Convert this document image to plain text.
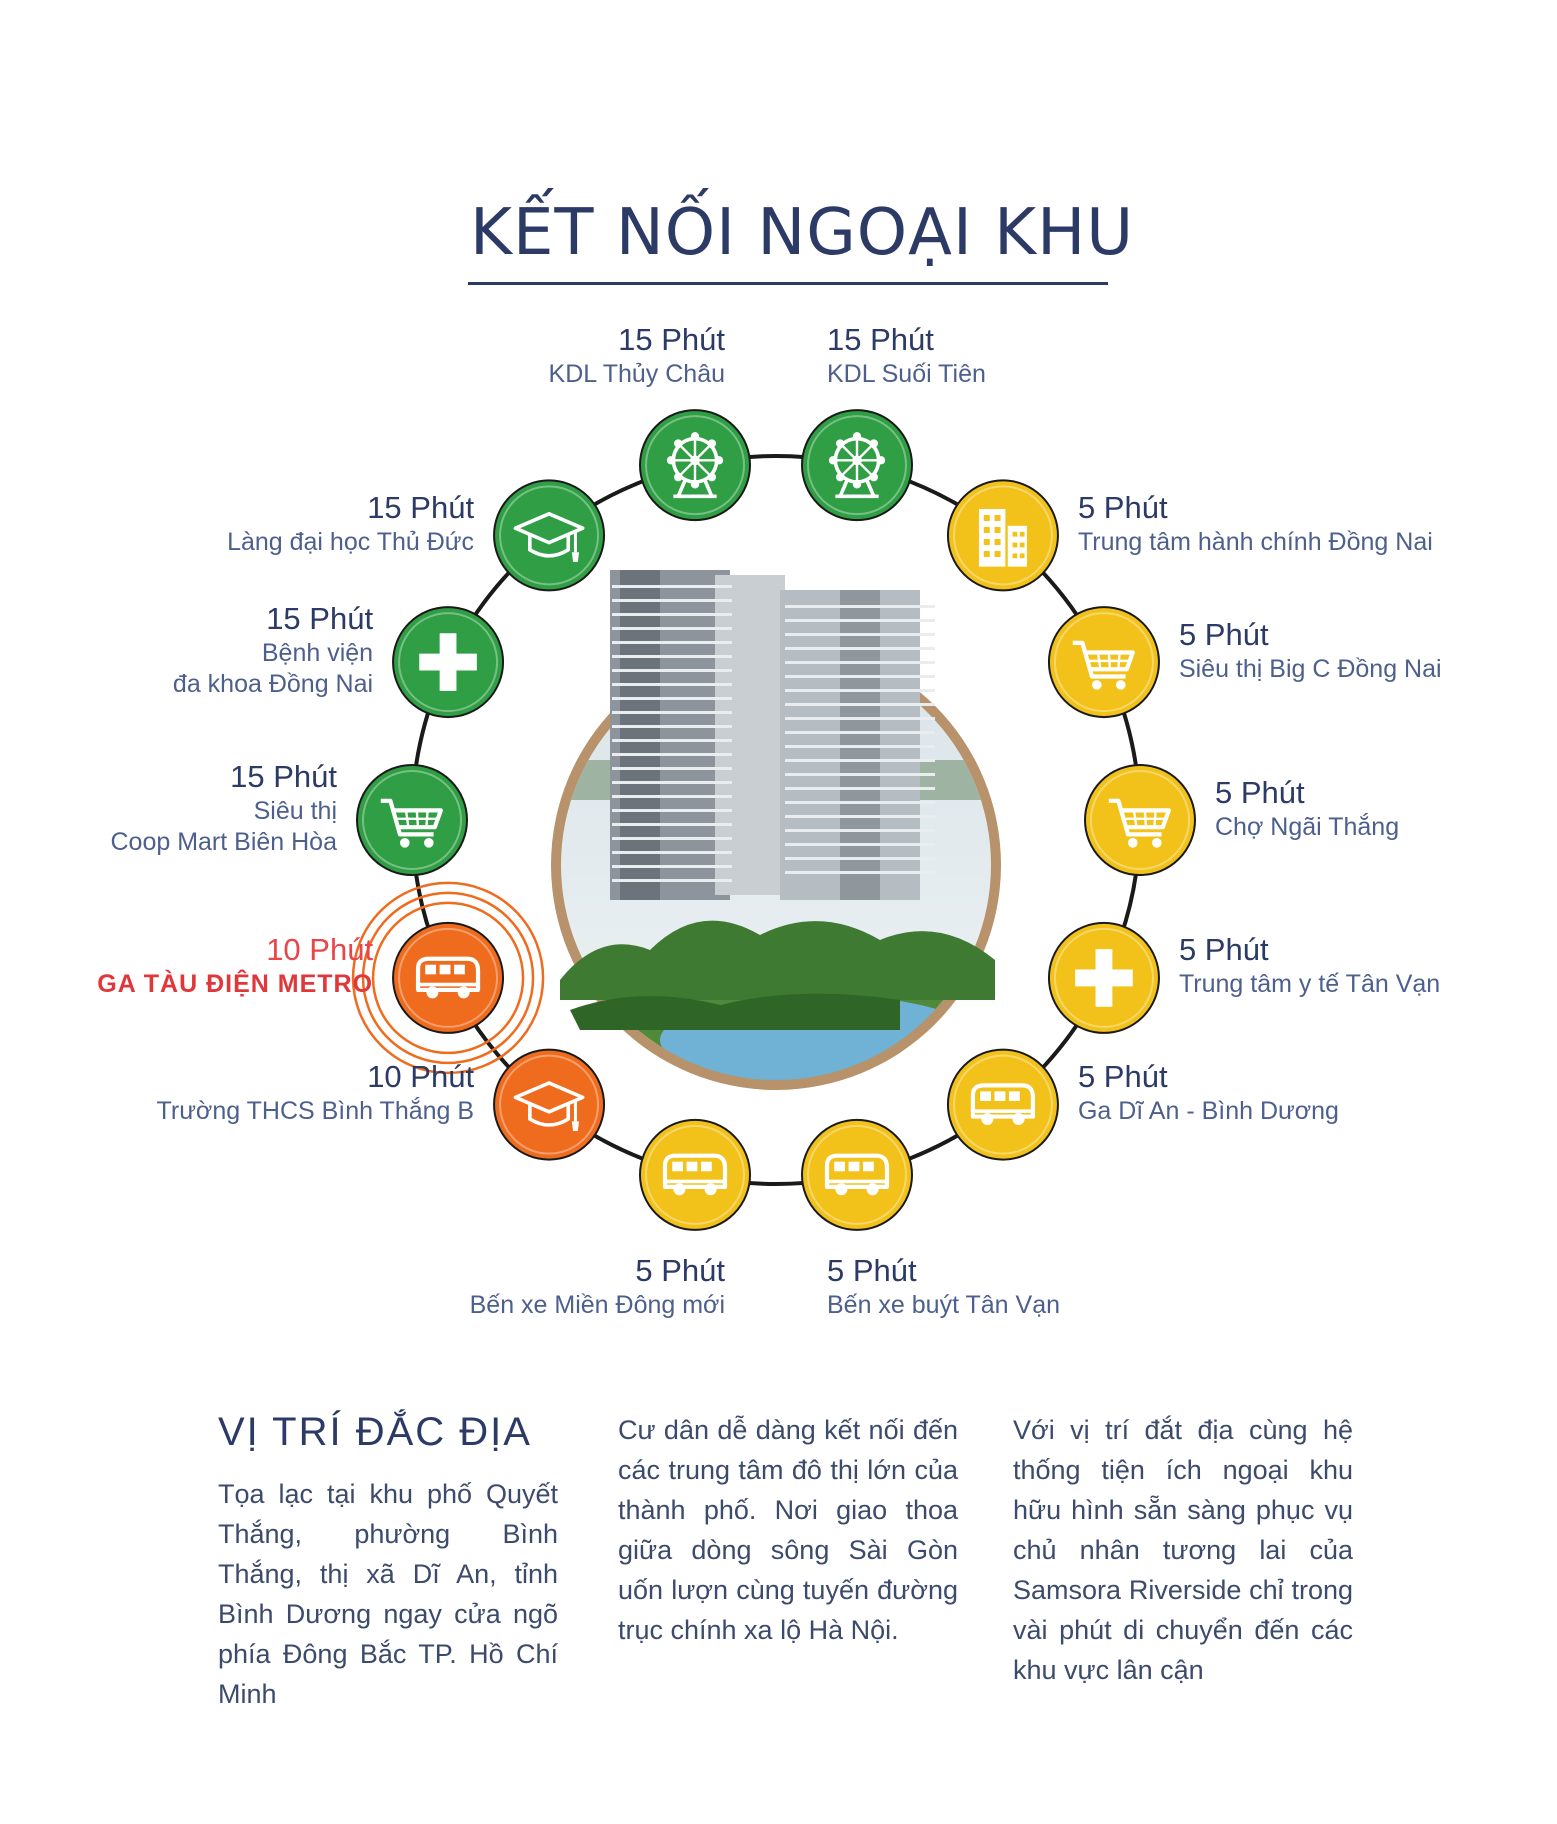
KẾT NỐI NGOẠI KHU
15 Phút
KDL Suối Tiên
5 Phút
Trung tâm hành chính Đồng Nai
5 Phút
Siêu thị Big C Đồng Nai
5 Phút
Chợ Ngãi Thắng
5 Phút
Trung tâm y tế Tân Vạn
5 Phút
Ga Dĩ An - Bình Dương
5 Phút
Bến xe buýt Tân Vạn
5 Phút
Bến xe Miền Đông mới
10 Phút
Trường THCS Bình Thắng B
10 Phút
GA TÀU ĐIỆN METRO
15 Phút
Siêu thị
Coop Mart Biên Hòa
15 Phút
Bệnh viện
đa khoa Đồng Nai
15 Phút
Làng đại học Thủ Đức
15 Phút
KDL Thủy Châu
VỊ TRÍ ĐẮC ĐỊA
Tọa lạc tại khu phố Quyết Thắng, phường Bình Thắng, thị xã Dĩ An, tỉnh Bình Dương ngay cửa ngõ phía Đông Bắc TP. Hồ Chí Minh
Cư dân dễ dàng kết nối đến các trung tâm đô thị lớn của thành phố. Nơi giao thoa giữa dòng sông Sài Gòn uốn lượn cùng tuyến đường trục chính xa lộ Hà Nội.
Với vị trí đắt địa cùng hệ thống tiện ích ngoại khu hữu hình sẵn sàng phục vụ chủ nhân tương lai của Samsora Riverside chỉ trong vài phút di chuyển đến các khu vực lân cận
